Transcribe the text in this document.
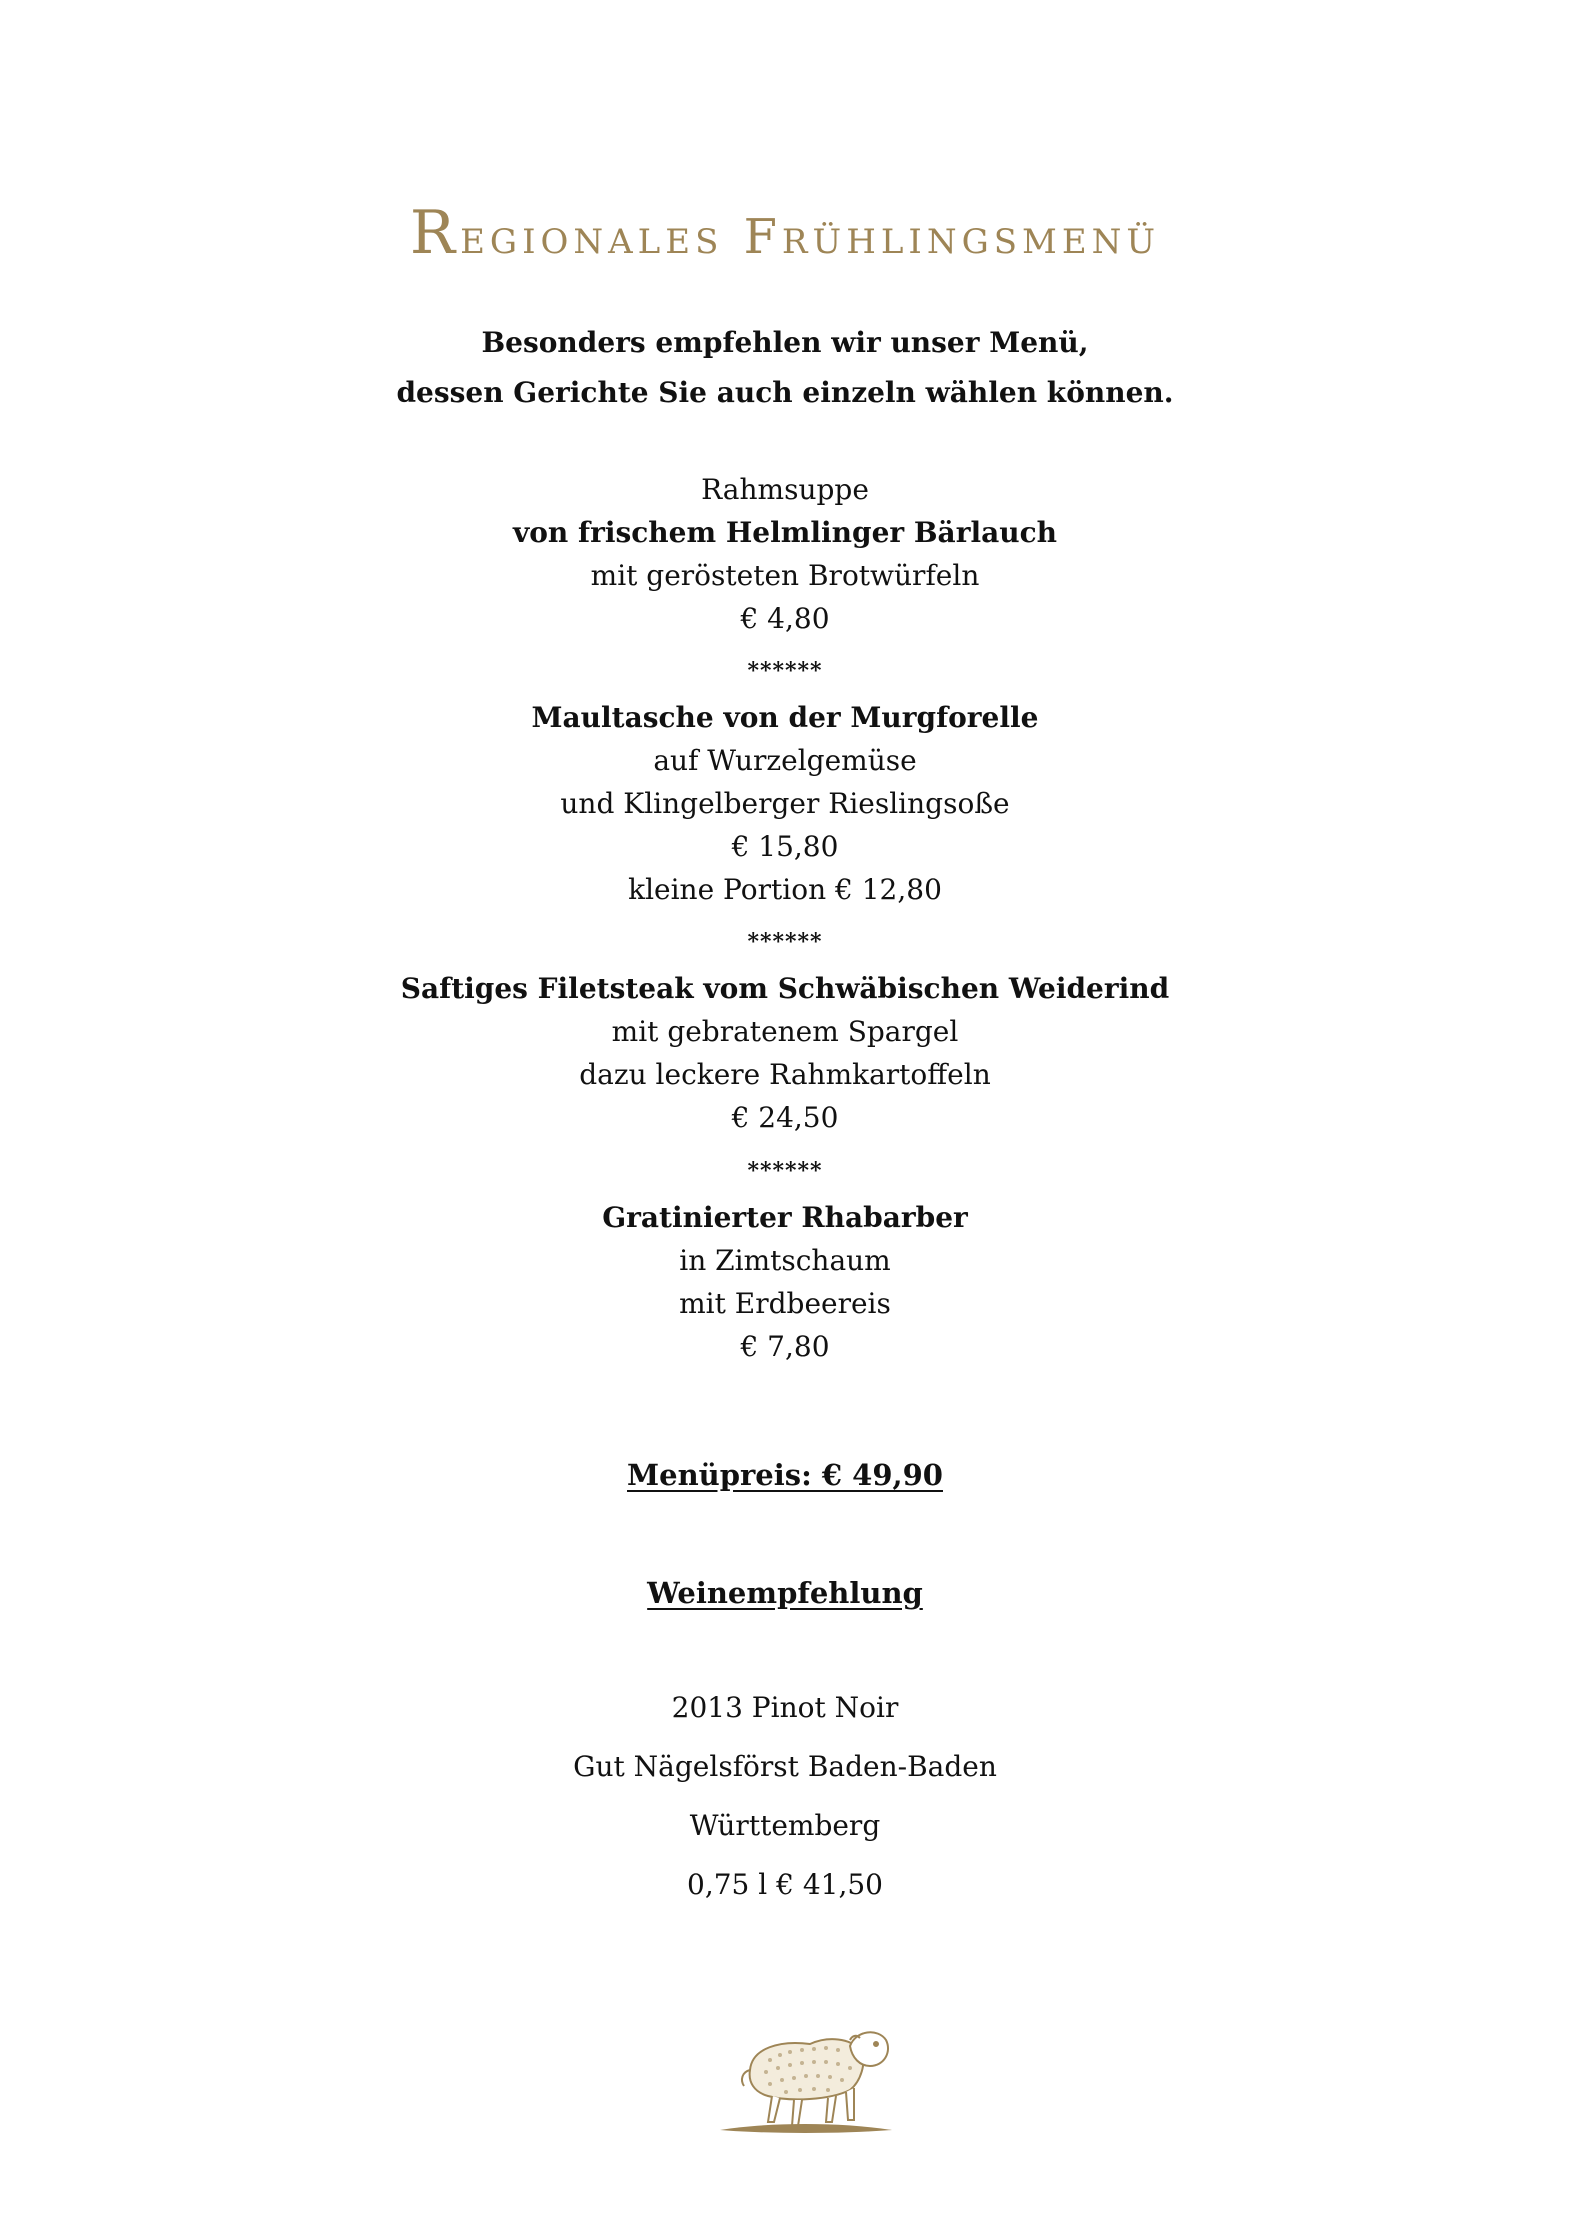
Regionales Frühlingsmenü
Besonders empfehlen wir unser Menü,
dessen Gerichte Sie auch einzeln wählen können.
Rahmsuppe
von frischem Helmlinger Bärlauch
mit gerösteten Brotwürfeln
€ 4,80
******
Maultasche von der Murgforelle
auf Wurzelgemüse
und Klingelberger Rieslingsoße
€ 15,80
kleine Portion € 12,80
******
Saftiges Filetsteak vom Schwäbischen Weiderind
mit gebratenem Spargel
dazu leckere Rahmkartoffeln
€ 24,50
******
Gratinierter Rhabarber
in Zimtschaum
mit Erdbeereis
€ 7,80
Menüpreis: € 49,90
Weinempfehlung
2013 Pinot Noir
Gut Nägelsförst Baden-Baden
Württemberg
0,75 l € 41,50
